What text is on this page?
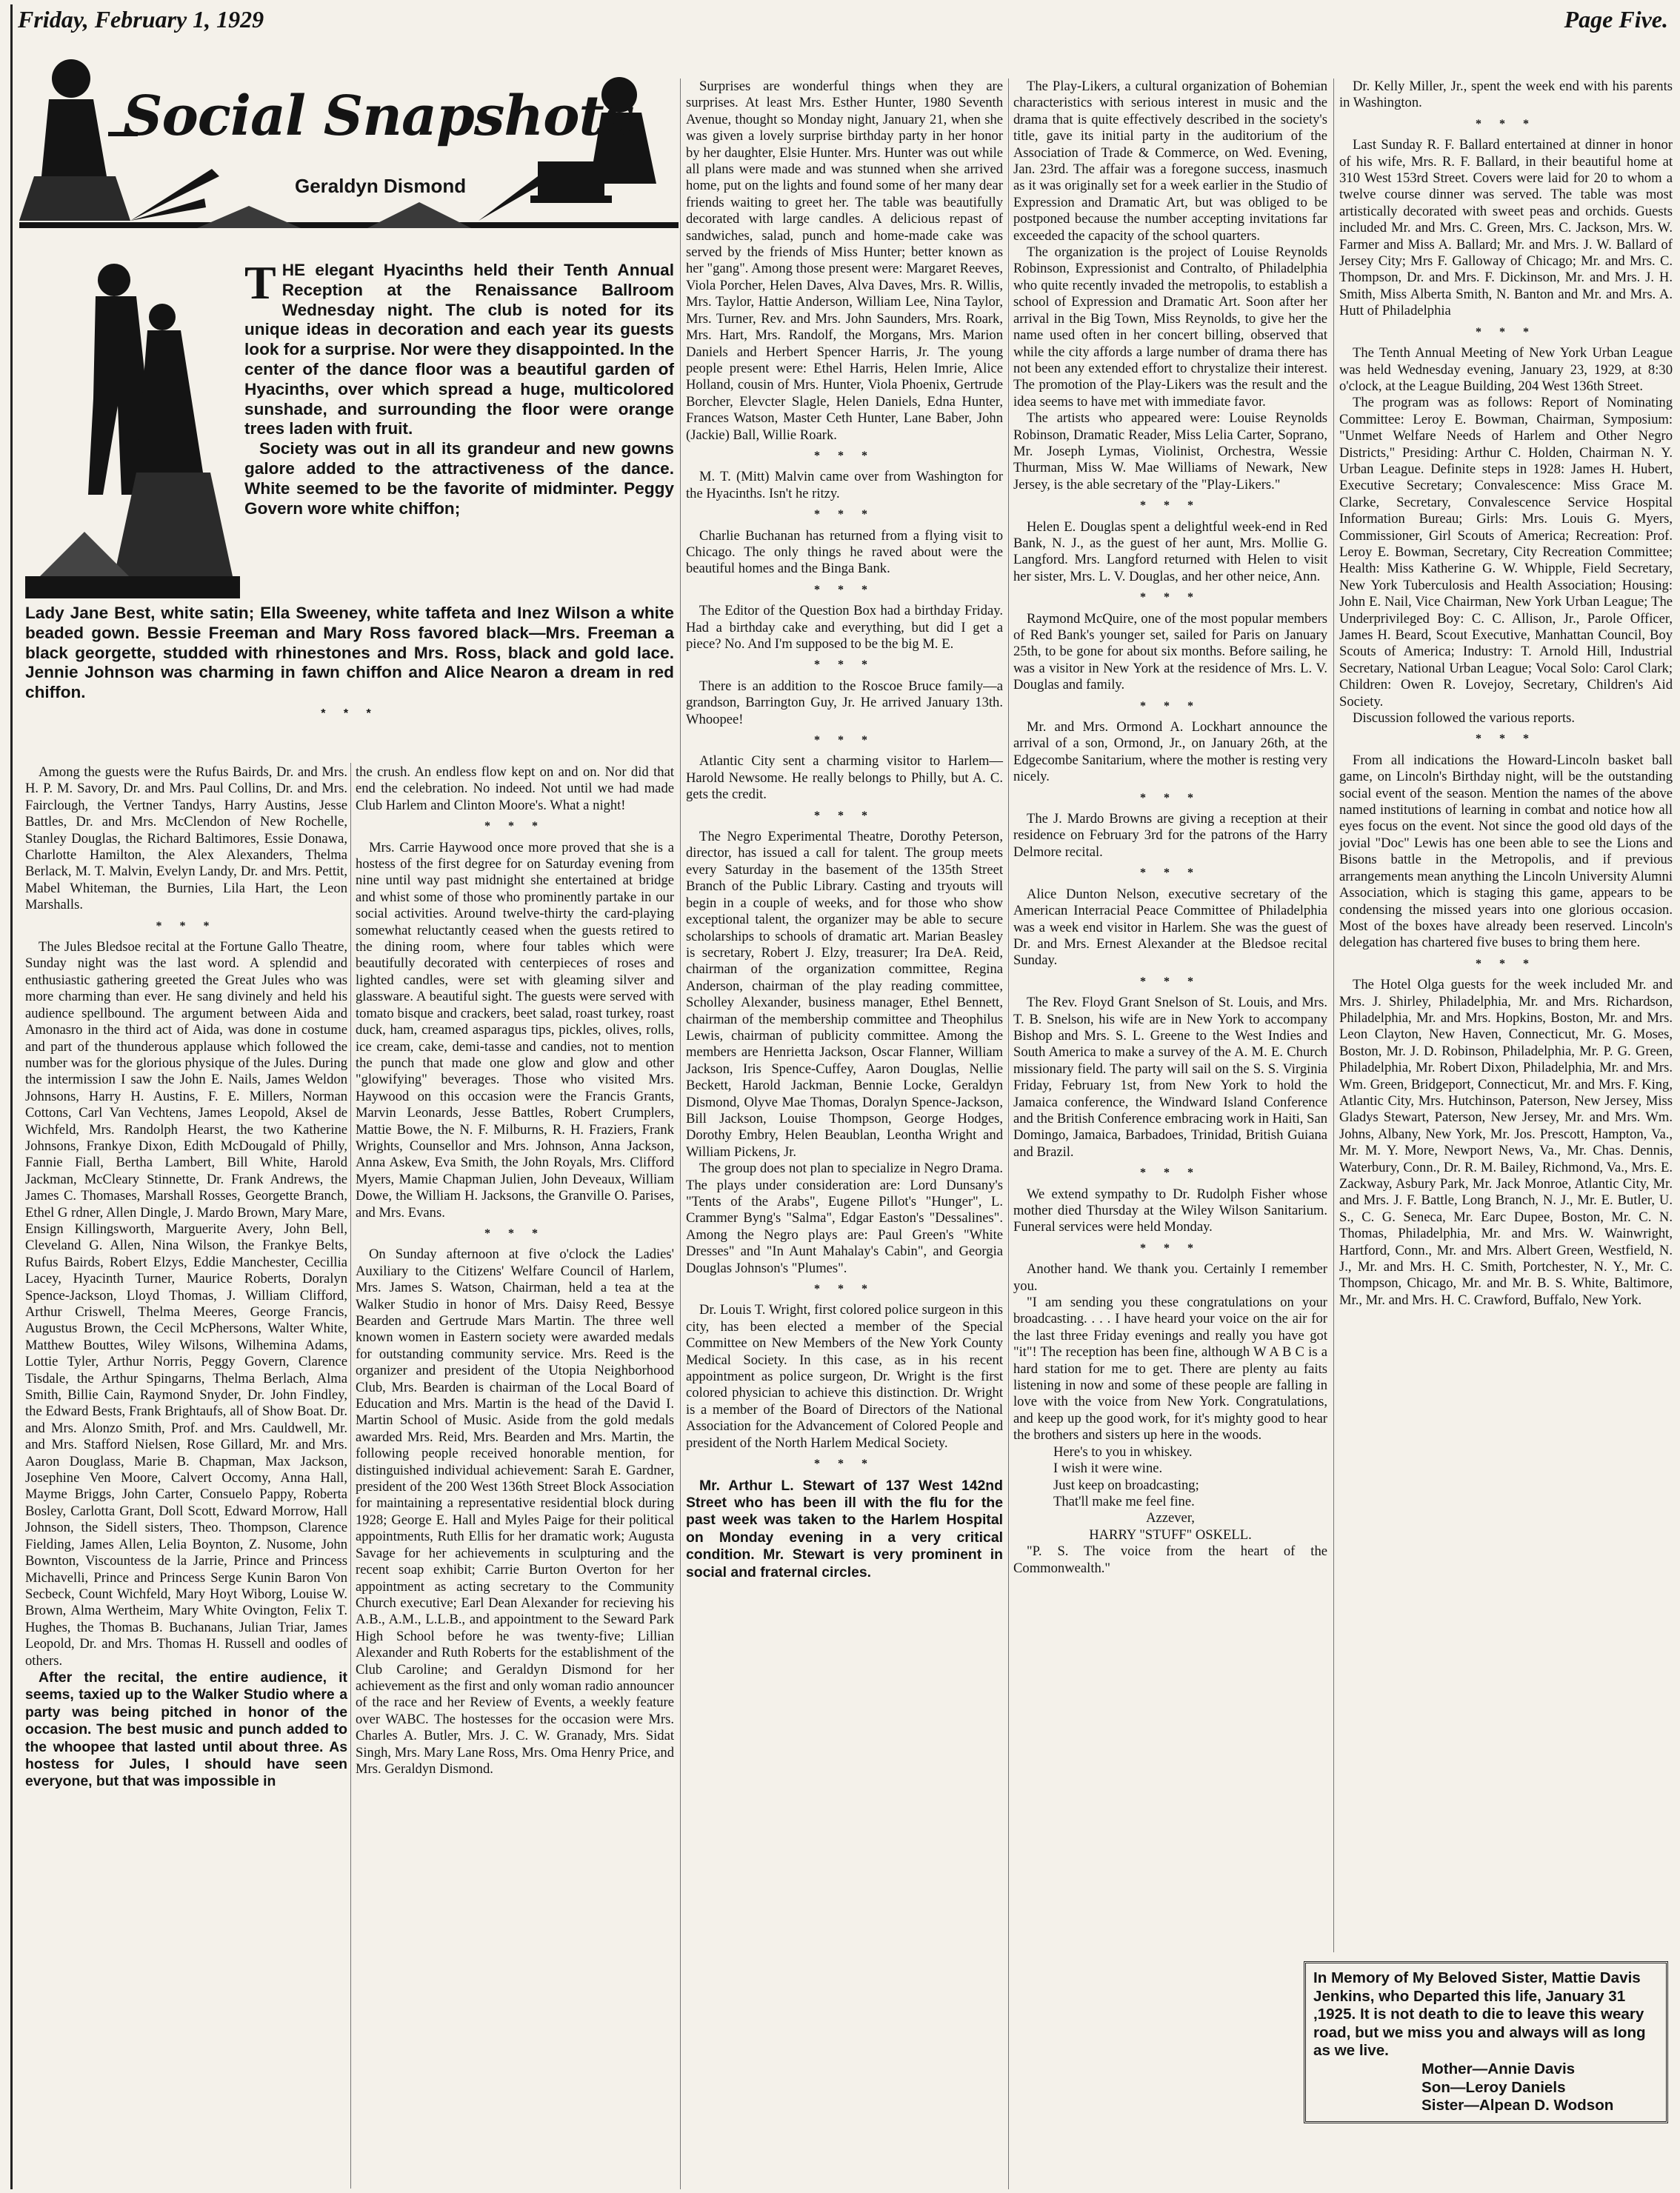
Friday, February 1, 1929	Page Five.
Social Snapshots
Geraldyn Dismond

THE elegant Hyacinths held their Tenth Annual Reception at the Renaissance Ballroom Wednesday night. The club is noted for its unique ideas in decoration and each year its guests look for a surprise. Nor were they disappointed. In the center of the dance floor was a beautiful garden of Hyacinths, over which spread a huge, multicolored sunshade, and surrounding the floor were orange trees laden with fruit.

Society was out in all its grandeur and new gowns galore added to the attractiveness of the dance. White seemed to be the favorite of midminter. Peggy Govern wore white chiffon;

Lady Jane Best, white satin; Ella Sweeney, white taffeta and Inez Wilson a white beaded gown. Bessie Freeman and Mary Ross favored black—Mrs. Freeman a black georgette, studded with rhinestones and Mrs. Ross, black and gold lace. Jennie Johnson was charming in fawn chiffon and Alice Nearon a dream in red chiffon.

* * *

Among the guests were the Rufus Bairds, Dr. and Mrs. H. P. M. Savory, Dr. and Mrs. Paul Collins, Dr. and Mrs. Fairclough, the Vertner Tandys, Harry Austins, Jesse Battles, Dr. and Mrs. McClendon of New Rochelle, Stanley Douglas, the Richard Baltimores, Essie Donawa, Charlotte Hamilton, the Alex Alexanders, Thelma Berlack, M. T. Malvin, Evelyn Landy, Dr. and Mrs. Pettit, Mabel Whiteman, the Burnies, Lila Hart, the Leon Marshalls.

* * *

The Jules Bledsoe recital at the Fortune Gallo Theatre, Sunday night was the last word. A splendid and enthusiastic gathering greeted the Great Jules who was more charming than ever. He sang divinely and held his audience spellbound. The argument between Aida and Amonasro in the third act of Aida, was done in costume and part of the thunderous applause which followed the number was for the glorious physique of the Jules. During the intermission I saw the John E. Nails, James Weldon Johnsons, Harry H. Austins, F. E. Millers, Norman Cottons, Carl Van Vechtens, James Leopold, Aksel de Wichfeld, Mrs. Randolph Hearst, the two Katherine Johnsons, Frankye Dixon, Edith McDougald of Philly, Fannie Fiall, Bertha Lambert, Bill White, Harold Jackman, McCleary Stinnette, Dr. Frank Andrews, the James C. Thomases, Marshall Rosses, Georgette Branch, Ethel G rdner, Allen Dingle, J. Mardo Brown, Mary Mare, Ensign Killingsworth, Marguerite Avery, John Bell, Cleveland G. Allen, Nina Wilson, the Frankye Belts, Rufus Bairds, Robert Elzys, Eddie Manchester, Cecillia Lacey, Hyacinth Turner, Maurice Roberts, Doralyn Spence-Jackson, Lloyd Thomas, J. William Clifford, Arthur Criswell, Thelma Meeres, George Francis, Augustus Brown, the Cecil McPhersons, Walter White, Matthew Bouttes, Wiley Wilsons, Wilhemina Adams, Lottie Tyler, Arthur Norris, Peggy Govern, Clarence Tisdale, the Arthur Spingarns, Thelma Berlach, Alma Smith, Billie Cain, Raymond Snyder, Dr. John Findley, the Edward Bests, Frank Brightaufs, all of Show Boat. Dr. and Mrs. Alonzo Smith, Prof. and Mrs. Cauldwell, Mr. and Mrs. Stafford Nielsen, Rose Gillard, Mr. and Mrs. Aaron Douglass, Marie B. Chapman, Max Jackson, Josephine Ven Moore, Calvert Occomy, Anna Hall, Mayme Briggs, John Carter, Consuelo Pappy, Roberta Bosley, Carlotta Grant, Doll Scott, Edward Morrow, Hall Johnson, the Sidell sisters, Theo. Thompson, Clarence Fielding, James Allen, Lelia Boynton, Z. Nusome, John Bownton, Viscountess de la Jarrie, Prince and Princess Michavelli, Prince and Princess Serge Kunin Baron Von Secbeck, Count Wichfeld, Mary Hoyt Wiborg, Louise W. Brown, Alma Wertheim, Mary White Ovington, Felix T. Hughes, the Thomas B. Buchanans, Julian Triar, James Leopold, Dr. and Mrs. Thomas H. Russell and oodles of others.

After the recital, the entire audience, it seems, taxied up to the Walker Studio where a party was being pitched in honor of the occasion. The best music and punch added to the whoopee that lasted until about three. As hostess for Jules, I should have seen everyone, but that was impossible in

the crush. An endless flow kept on and on. Nor did that end the celebration. No indeed. Not until we had made Club Harlem and Clinton Moore's. What a night!

* * *

Mrs. Carrie Haywood once more proved that she is a hostess of the first degree for on Saturday evening from nine until way past midnight she entertained at bridge and whist some of those who prominently partake in our social activities. Around twelve-thirty the card-playing somewhat reluctantly ceased when the guests retired to the dining room, where four tables which were beautifully decorated with centerpieces of roses and lighted candles, were set with gleaming silver and glassware. A beautiful sight. The guests were served with tomato bisque and crackers, beet salad, roast turkey, roast duck, ham, creamed asparagus tips, pickles, olives, rolls, ice cream, cake, demi-tasse and candies, not to mention the punch that made one glow and glow and other "glowifying" beverages. Those who visited Mrs. Haywood on this occasion were the Francis Grants, Marvin Leonards, Jesse Battles, Robert Crumplers, Mattie Bowe, the N. F. Milburns, R. H. Fraziers, Frank Wrights, Counsellor and Mrs. Johnson, Anna Jackson, Anna Askew, Eva Smith, the John Royals, Mrs. Clifford Myers, Mamie Chapman Julien, John Deveaux, William Dowe, the William H. Jacksons, the Granville O. Parises, and Mrs. Evans.

* * *

On Sunday afternoon at five o'clock the Ladies' Auxiliary to the Citizens' Welfare Council of Harlem, Mrs. James S. Watson, Chairman, held a tea at the Walker Studio in honor of Mrs. Daisy Reed, Bessye Bearden and Gertrude Mars Martin. The three well known women in Eastern society were awarded medals for outstanding community service. Mrs. Reed is the organizer and president of the Utopia Neighborhood Club, Mrs. Bearden is chairman of the Local Board of Education and Mrs. Martin is the head of the David I. Martin School of Music. Aside from the gold medals awarded Mrs. Reid, Mrs. Bearden and Mrs. Martin, the following people received honorable mention, for distinguished individual achievement: Sarah E. Gardner, president of the 200 West 136th Street Block Association for maintaining a representative residential block during 1928; George E. Hall and Myles Paige for their political appointments, Ruth Ellis for her dramatic work; Augusta Savage for her achievements in sculpturing and the recent soap exhibit; Carrie Burton Overton for her appointment as acting secretary to the Community Church executive; Earl Dean Alexander for recieving his A.B., A.M., L.L.B., and appointment to the Seward Park High School before he was twenty-five; Lillian Alexander and Ruth Roberts for the establishment of the Club Caroline; and Geraldyn Dismond for her achievement as the first and only woman radio announcer of the race and her Review of Events, a weekly feature over WABC. The hostesses for the occasion were Mrs. Charles A. Butler, Mrs. J. C. W. Granady, Mrs. Sidat Singh, Mrs. Mary Lane Ross, Mrs. Oma Henry Price, and Mrs. Geraldyn Dismond.

Surprises are wonderful things when they are surprises. At least Mrs. Esther Hunter, 1980 Seventh Avenue, thought so Monday night, January 21, when she was given a lovely surprise birthday party in her honor by her daughter, Elsie Hunter. Mrs. Hunter was out while all plans were made and was stunned when she arrived home, put on the lights and found some of her many dear friends waiting to greet her. The table was beautifully decorated with large candles. A delicious repast of sandwiches, salad, punch and home-made cake was served by the friends of Miss Hunter; better known as her "gang". Among those present were: Margaret Reeves, Viola Porcher, Helen Daves, Alva Daves, Mrs. R. Willis, Mrs. Taylor, Hattie Anderson, William Lee, Nina Taylor, Mrs. Turner, Rev. and Mrs. John Saunders, Mrs. Roark, Mrs. Hart, Mrs. Randolf, the Morgans, Mrs. Marion Daniels and Herbert Spencer Harris, Jr. The young people present were: Ethel Harris, Helen Imrie, Alice Holland, cousin of Mrs. Hunter, Viola Phoenix, Gertrude Borcher, Elevcter Slagle, Helen Daniels, Edna Hunter, Frances Watson, Master Ceth Hunter, Lane Baber, John (Jackie) Ball, Willie Roark.

* * *

M. T. (Mitt) Malvin came over from Washington for the Hyacinths. Isn't he ritzy.

* * *

Charlie Buchanan has returned from a flying visit to Chicago. The only things he raved about were the beautiful homes and the Binga Bank.

* * *

The Editor of the Question Box had a birthday Friday. Had a birthday cake and everything, but did I get a piece? No. And I'm supposed to be the big M. E.

* * *

There is an addition to the Roscoe Bruce family—a grandson, Barrington Guy, Jr. He arrived January 13th. Whoopee!

* * *

Atlantic City sent a charming visitor to Harlem—Harold Newsome. He really belongs to Philly, but A. C. gets the credit.

* * *

The Negro Experimental Theatre, Dorothy Peterson, director, has issued a call for talent. The group meets every Saturday in the basement of the 135th Street Branch of the Public Library. Casting and tryouts will begin in a couple of weeks, and for those who show exceptional talent, the organizer may be able to secure scholarships to schools of dramatic art. Marian Beasley is secretary, Robert J. Elzy, treasurer; Ira DeA. Reid, chairman of the organization committee, Regina Anderson, chairman of the play reading committee, Scholley Alexander, business manager, Ethel Bennett, chairman of the membership committee and Theophilus Lewis, chairman of publicity committee. Among the members are Henrietta Jackson, Oscar Flanner, William Jackson, Iris Spence-Cuffey, Aaron Douglas, Nellie Beckett, Harold Jackman, Bennie Locke, Geraldyn Dismond, Olyve Mae Thomas, Doralyn Spence-Jackson, Bill Jackson, Louise Thompson, George Hodges, Dorothy Embry, Helen Beaublan, Leontha Wright and William Pickens, Jr.

The group does not plan to specialize in Negro Drama. The plays under consideration are: Lord Dunsany's "Tents of the Arabs", Eugene Pillot's "Hunger", L. Crammer Byng's "Salma", Edgar Easton's "Dessalines". Among the Negro plays are: Paul Green's "White Dresses" and "In Aunt Mahalay's Cabin", and Georgia Douglas Johnson's "Plumes".

* * *

Dr. Louis T. Wright, first colored police surgeon in this city, has been elected a member of the Special Committee on New Members of the New York County Medical Society. In this case, as in his recent appointment as police surgeon, Dr. Wright is the first colored physician to achieve this distinction. Dr. Wright is a member of the Board of Directors of the National Association for the Advancement of Colored People and president of the North Harlem Medical Society.

* * *

Mr. Arthur L. Stewart of 137 West 142nd Street who has been ill with the flu for the past week was taken to the Harlem Hospital on Monday evening in a very critical condition. Mr. Stewart is very prominent in social and fraternal circles.

The Play-Likers, a cultural organization of Bohemian characteristics with serious interest in music and the drama that is quite effectively described in the society's title, gave its initial party in the auditorium of the Association of Trade & Commerce, on Wed. Evening, Jan. 23rd. The affair was a foregone success, inasmuch as it was originally set for a week earlier in the Studio of Expression and Dramatic Art, but was obliged to be postponed because the number accepting invitations far exceeded the capacity of the school quarters.

The organization is the project of Louise Reynolds Robinson, Expressionist and Contralto, of Philadelphia who quite recently invaded the metropolis, to establish a school of Expression and Dramatic Art. Soon after her arrival in the Big Town, Miss Reynolds, to give her the name used often in her concert billing, observed that while the city affords a large number of drama there has not been any extended effort to chrystalize their interest. The promotion of the Play-Likers was the result and the idea seems to have met with immediate favor.

The artists who appeared were: Louise Reynolds Robinson, Dramatic Reader, Miss Lelia Carter, Soprano, Mr. Joseph Lymas, Violinist, Orchestra, Wessie Thurman, Miss W. Mae Williams of Newark, New Jersey, is the able secretary of the "Play-Likers."

* * *

Helen E. Douglas spent a delightful week-end in Red Bank, N. J., as the guest of her aunt, Mrs. Mollie G. Langford. Mrs. Langford returned with Helen to visit her sister, Mrs. L. V. Douglas, and her other neice, Ann.

* * *

Raymond McQuire, one of the most popular members of Red Bank's younger set, sailed for Paris on January 25th, to be gone for about six months. Before sailing, he was a visitor in New York at the residence of Mrs. L. V. Douglas and family.

* * *

Mr. and Mrs. Ormond A. Lockhart announce the arrival of a son, Ormond, Jr., on January 26th, at the Edgecombe Sanitarium, where the mother is resting very nicely.

* * *

The J. Mardo Browns are giving a reception at their residence on February 3rd for the patrons of the Harry Delmore recital.

* * *

Alice Dunton Nelson, executive secretary of the American Interracial Peace Committee of Philadelphia was a week end visitor in Harlem. She was the guest of Dr. and Mrs. Ernest Alexander at the Bledsoe recital Sunday.

* * *

The Rev. Floyd Grant Snelson of St. Louis, and Mrs. T. B. Snelson, his wife are in New York to accompany Bishop and Mrs. S. L. Greene to the West Indies and South America to make a survey of the A. M. E. Church missionary field. The party will sail on the S. S. Virginia Friday, February 1st, from New York to hold the Jamaica conference, the Windward Island Conference and the British Conference embracing work in Haiti, San Domingo, Jamaica, Barbadoes, Trinidad, British Guiana and Brazil.

* * *

We extend sympathy to Dr. Rudolph Fisher whose mother died Thursday at the Wiley Wilson Sanitarium. Funeral services were held Monday.

* * *

Another hand. We thank you. Certainly I remember you.

"I am sending you these congratulations on your broadcasting. . . . I have heard your voice on the air for the last three Friday evenings and really you have got "it"! The reception has been fine, although W A B C is a hard station for me to get. There are plenty au faits listening in now and some of these people are falling in love with the voice from New York. Congratulations, and keep up the good work, for it's mighty good to hear the brothers and sisters up here in the woods.

Here's to you in whiskey.

I wish it were wine.

Just keep on broadcasting;

That'll make me feel fine.

Azzever,

HARRY "STUFF" OSKELL.

"P. S. The voice from the heart of the Commonwealth."

Dr. Kelly Miller, Jr., spent the week end with his parents in Washington.

* * *

Last Sunday R. F. Ballard entertained at dinner in honor of his wife, Mrs. R. F. Ballard, in their beautiful home at 310 West 153rd Street. Covers were laid for 20 to whom a twelve course dinner was served. The table was most artistically decorated with sweet peas and orchids. Guests included Mr. and Mrs. C. Green, Mrs. C. Jackson, Mrs. W. Farmer and Miss A. Ballard; Mr. and Mrs. J. W. Ballard of Jersey City; Mrs F. Galloway of Chicago; Mr. and Mrs. C. Thompson, Dr. and Mrs. F. Dickinson, Mr. and Mrs. J. H. Smith, Miss Alberta Smith, N. Banton and Mr. and Mrs. A. Hutt of Philadelphia

* * *

The Tenth Annual Meeting of New York Urban League was held Wednesday evening, January 23, 1929, at 8:30 o'clock, at the League Building, 204 West 136th Street.

The program was as follows: Report of Nominating Committee: Leroy E. Bowman, Chairman, Symposium: "Unmet Welfare Needs of Harlem and Other Negro Districts," Presiding: Arthur C. Holden, Chairman N. Y. Urban League. Definite steps in 1928: James H. Hubert, Executive Secretary; Convalescence: Miss Grace M. Clarke, Secretary, Convalescence Service Hospital Information Bureau; Girls: Mrs. Louis G. Myers, Commissioner, Girl Scouts of America; Recreation: Prof. Leroy E. Bowman, Secretary, City Recreation Committee; Health: Miss Katherine G. W. Whipple, Field Secretary, New York Tuberculosis and Health Association; Housing: John E. Nail, Vice Chairman, New York Urban League; The Underprivileged Boy: C. C. Allison, Jr., Parole Officer, James H. Beard, Scout Executive, Manhattan Council, Boy Scouts of America; Industry: T. Arnold Hill, Industrial Secretary, National Urban League; Vocal Solo: Carol Clark; Children: Owen R. Lovejoy, Secretary, Children's Aid Society.

Discussion followed the various reports.

* * *

From all indications the Howard-Lincoln basket ball game, on Lincoln's Birthday night, will be the outstanding social event of the season. Mention the names of the above named institutions of learning in combat and notice how all eyes focus on the event. Not since the good old days of the jovial "Doc" Lewis has one been able to see the Lions and Bisons battle in the Metropolis, and if previous arrangements mean anything the Lincoln University Alumni Association, which is staging this game, appears to be condensing the missed years into one glorious occasion. Most of the boxes have already been reserved. Lincoln's delegation has chartered five buses to bring them here.

* * *

The Hotel Olga guests for the week included Mr. and Mrs. J. Shirley, Philadelphia, Mr. and Mrs. Richardson, Philadelphia, Mr. and Mrs. Hopkins, Boston, Mr. and Mrs. Leon Clayton, New Haven, Connecticut, Mr. G. Moses, Boston, Mr. J. D. Robinson, Philadelphia, Mr. P. G. Green, Philadelphia, Mr. Robert Dixon, Philadelphia, Mr. and Mrs. Wm. Green, Bridgeport, Connecticut, Mr. and Mrs. F. King, Atlantic City, Mrs. Hutchinson, Paterson, New Jersey, Miss Gladys Stewart, Paterson, New Jersey, Mr. and Mrs. Wm. Johns, Albany, New York, Mr. Jos. Prescott, Hampton, Va., Mr. M. Y. More, Newport News, Va., Mr. Chas. Dennis, Waterbury, Conn., Dr. R. M. Bailey, Richmond, Va., Mrs. E. Zackway, Asbury Park, Mr. Jack Monroe, Atlantic City, Mr. and Mrs. J. F. Battle, Long Branch, N. J., Mr. E. Butler, U. S., C. G. Seneca, Mr. Earc Dupee, Boston, Mr. C. N. Thomas, Philadelphia, Mr. and Mrs. W. Wainwright, Hartford, Conn., Mr. and Mrs. Albert Green, Westfield, N. J., Mr. and Mrs. H. C. Smith, Portchester, N. Y., Mr. C. Thompson, Chicago, Mr. and Mr. B. S. White, Baltimore, Mr., Mr. and Mrs. H. C. Crawford, Buffalo, New York.

In Memory of My Beloved Sister, Mattie Davis Jenkins, who Departed this life, January 31 ,1925. It is not death to die to leave this weary road, but we miss you and always will as long as we live.

Mother—Annie Davis

Son—Leroy Daniels

Sister—Alpean D. Wodson
